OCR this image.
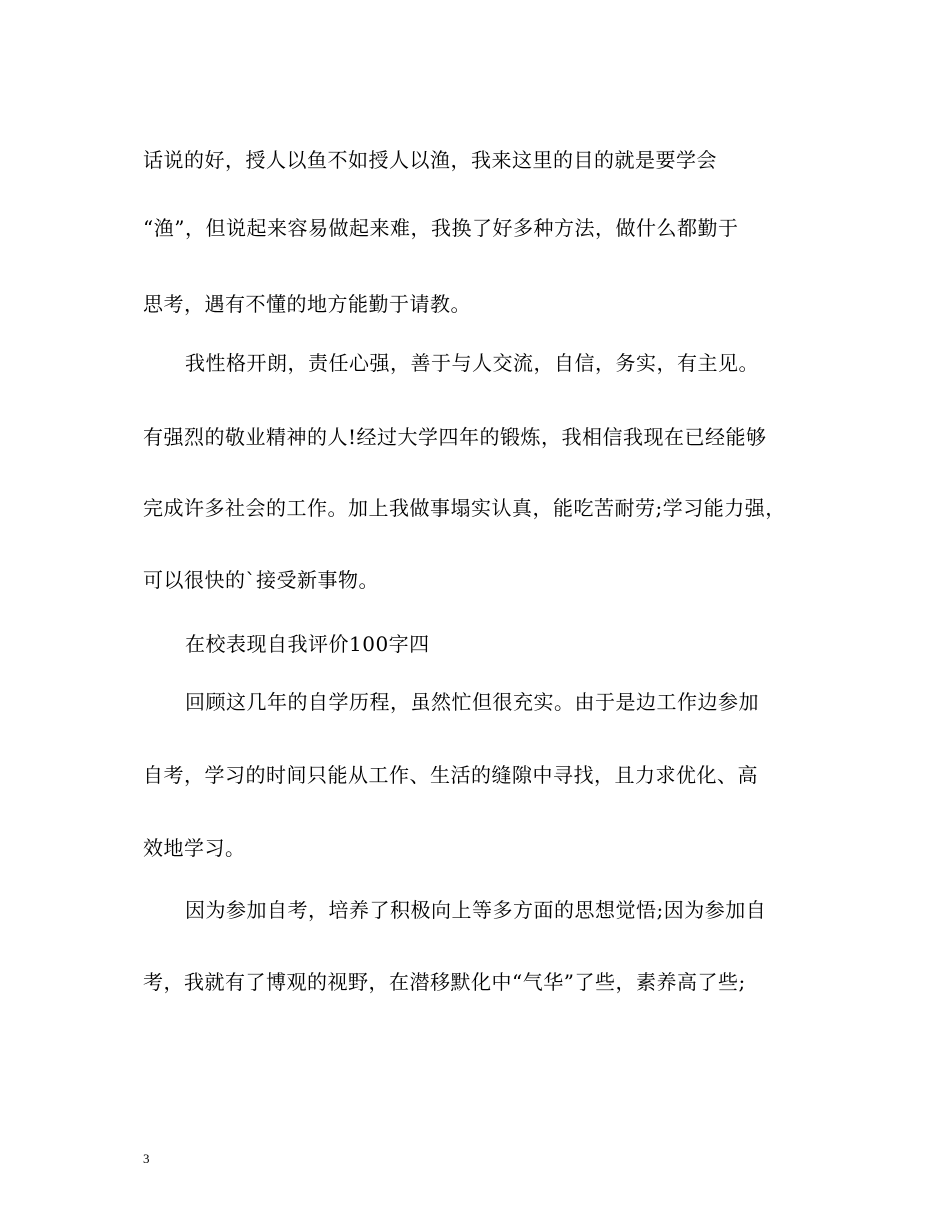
话说的好，授人以鱼不如授人以渔，我来这里的目的就是要学会
“渔”，但说起来容易做起来难，我换了好多种方法，做什么都勤于
思考，遇有不懂的地方能勤于请教。
我性格开朗，责任心强，善于与人交流，自信，务实，有主见。
有强烈的敬业精神的人!经过大学四年的锻炼，我相信我现在已经能够
完成许多社会的工作。加上我做事塌实认真，能吃苦耐劳;学习能力强，
可以很快的`接受新事物。
在校表现自我评价100字四
回顾这几年的自学历程，虽然忙但很充实。由于是边工作边参加
自考，学习的时间只能从工作、生活的缝隙中寻找，且力求优化、高
效地学习。
因为参加自考，培养了积极向上等多方面的思想觉悟;因为参加自
考，我就有了博观的视野，在潜移默化中“气华”了些，素养高了些;
3
